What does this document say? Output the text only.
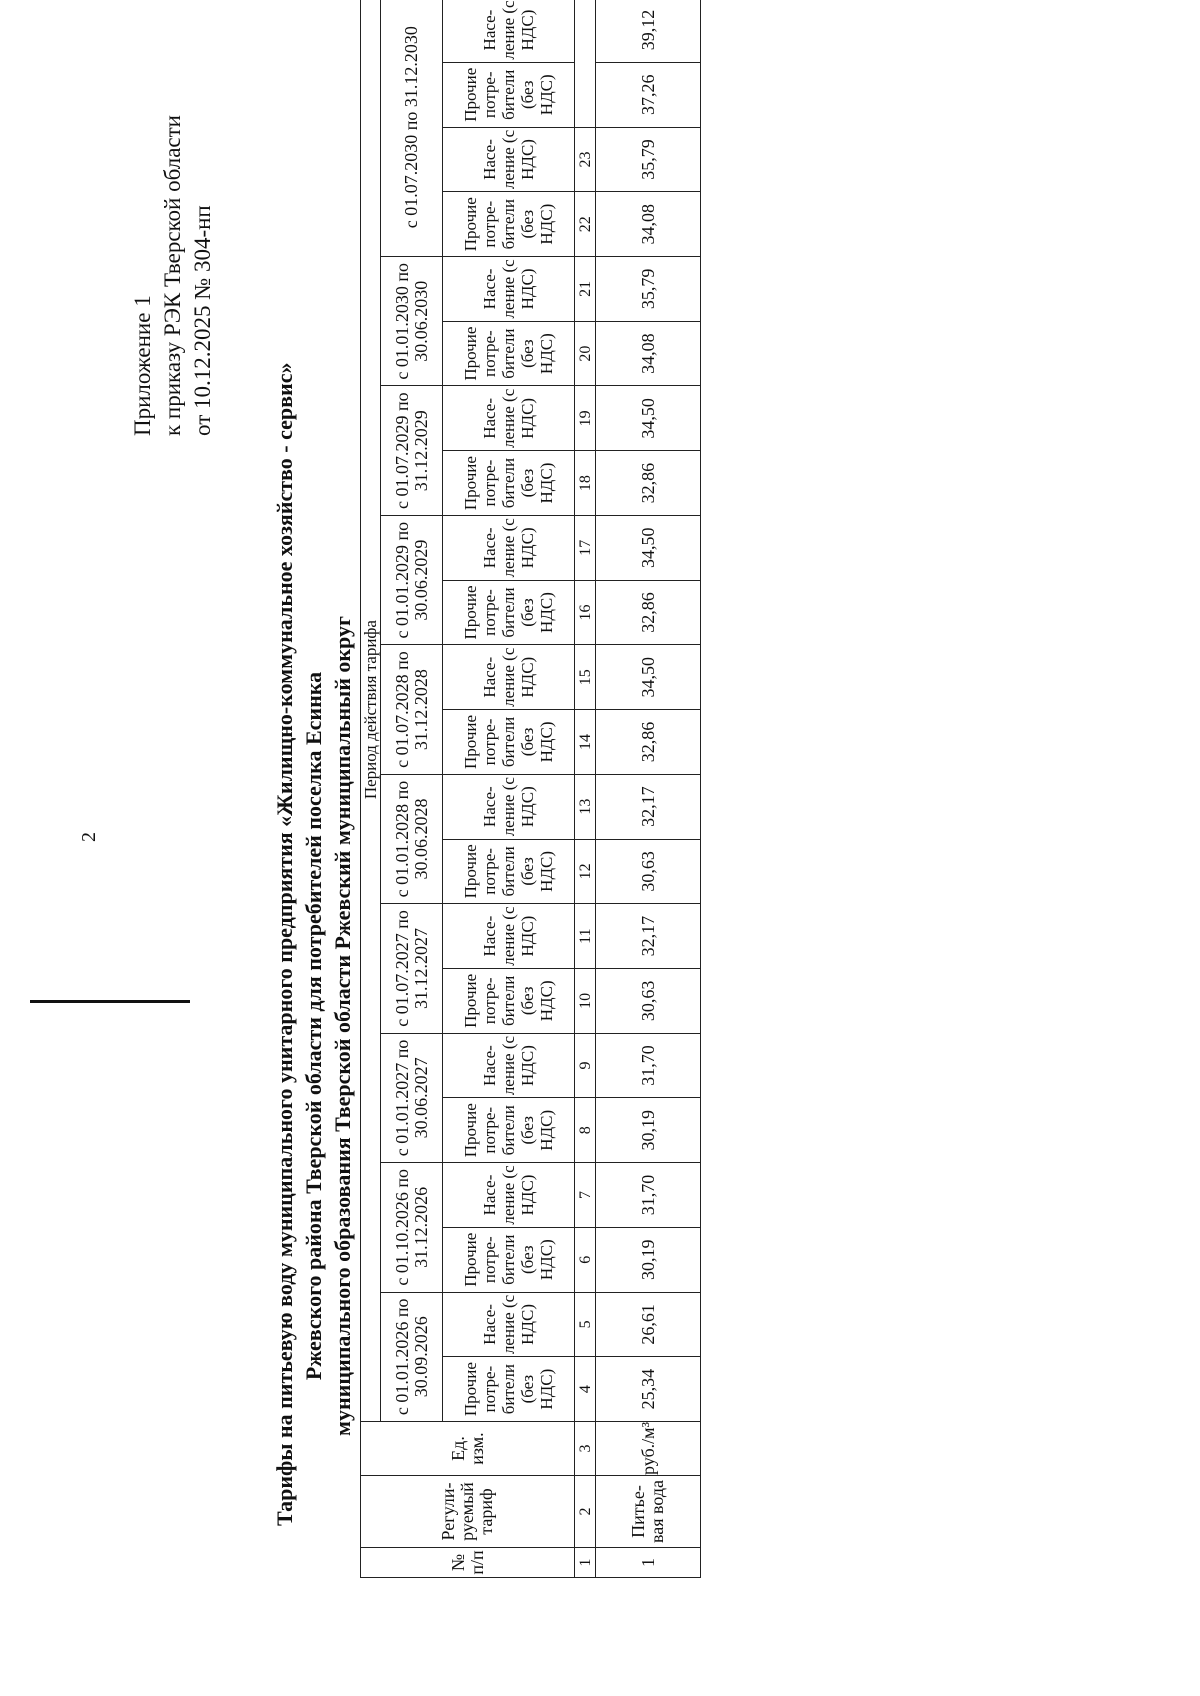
2
Приложение 1 к приказу РЭК Тверской области от 10.12.2025 № 304-нп
Тарифы на питьевую воду муниципального унитарного предприятия «Жилищно-коммунальное хозяйство - сервис» Ржевского района Тверской области для потребителей поселка Есинка муниципального образования Тверской области Ржевский муниципальный округ
№ п/п	Регули-руемый тариф	Ед. изм.	Период действия тарифа																					
			с 01.01.2026 по 30.09.2026		с 01.10.2026 по 31.12.2026		с 01.01.2027 по 30.06.2027		с 01.07.2027 по 31.12.2027		с 01.01.2028 по 30.06.2028		с 01.07.2028 по 31.12.2028		с 01.01.2029 по 30.06.2029		с 01.07.2029 по 31.12.2029		с 01.01.2030 по 30.06.2030		с 01.07.2030 по 31.12.2030			
			Прочие потре-бители (без НДС)	Насе-ление (с НДС)	Прочие потре-бители (без НДС)	Насе-ление (с НДС)	Прочие потре-бители (без НДС)	Насе-ление (с НДС)	Прочие потре-бители (без НДС)	Насе-ление (с НДС)	Прочие потре-бители (без НДС)	Насе-ление (с НДС)	Прочие потре-бители (без НДС)	Насе-ление (с НДС)	Прочие потре-бители (без НДС)	Насе-ление (с НДС)	Прочие потре-бители (без НДС)	Насе-ление (с НДС)	Прочие потре-бители (без НДС)	Насе-ление (с НДС)	Прочие потре-бители (без НДС)	Насе-ление (с НДС)	Прочие потре-бители (без НДС)	Насе-ление (с НДС)
1	2	3	4	5	6	7	8	9	10	11	12	13	14	15	16	17	18	19	20	21	22	23		
1	Питье-вая вода	руб./м³	25,34	26,61	30,19	31,70	30,19	31,70	30,63	32,17	30,63	32,17	32,86	34,50	32,86	34,50	32,86	34,50	34,08	35,79	34,08	35,79	37,26	39,12
